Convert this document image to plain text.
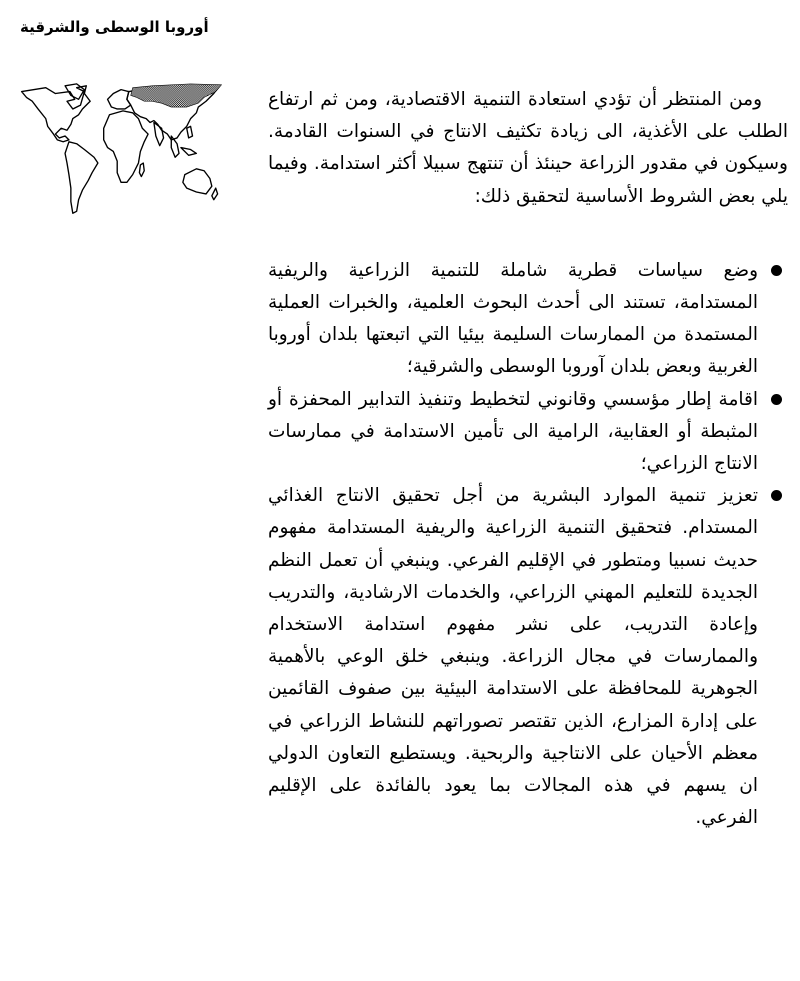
أوروبا الوسطى والشرقية

ومن المنتظر أن تؤدي استعادة التنمية الاقتصادية، ومن ثم ارتفاع الطلب على الأغذية، الى زيادة تكثيف الانتاج في السنوات القادمة. وسيكون في مقدور الزراعة حينئذ أن تنتهج سبيلا أكثر استدامة. وفيما يلي بعض الشروط الأساسية لتحقيق ذلك:

وضع سياسات قطرية شاملة للتنمية الزراعية والريفية المستدامة، تستند الى أحدث البحوث العلمية، والخبرات العملية المستمدة من الممارسات السليمة بيئيا التي اتبعتها بلدان أوروبا الغربية وبعض بلدان آوروبا الوسطى والشرقية؛
اقامة إطار مؤسسي وقانوني لتخطيط وتنفيذ التدابير المحفزة أو المثبطة أو العقابية، الرامية الى تأمين الاستدامة في ممارسات الانتاج الزراعي؛
تعزيز تنمية الموارد البشرية من أجل تحقيق الانتاج الغذائي المستدام. فتحقيق التنمية الزراعية والريفية المستدامة مفهوم حديث نسبيا ومتطور في الإقليم الفرعي. وينبغي أن تعمل النظم الجديدة للتعليم المهني الزراعي، والخدمات الارشادية، والتدريب وإعادة التدريب، على نشر مفهوم استدامة الاستخدام والممارسات في مجال الزراعة. وينبغي خلق الوعي بالأهمية الجوهرية للمحافظة على الاستدامة البيئية بين صفوف القائمين على إدارة المزارع، الذين تقتصر تصوراتهم للنشاط الزراعي في معظم الأحيان على الانتاجية والربحية. ويستطيع التعاون الدولي ان يسهم في هذه المجالات بما يعود بالفائدة على الإقليم الفرعي.
